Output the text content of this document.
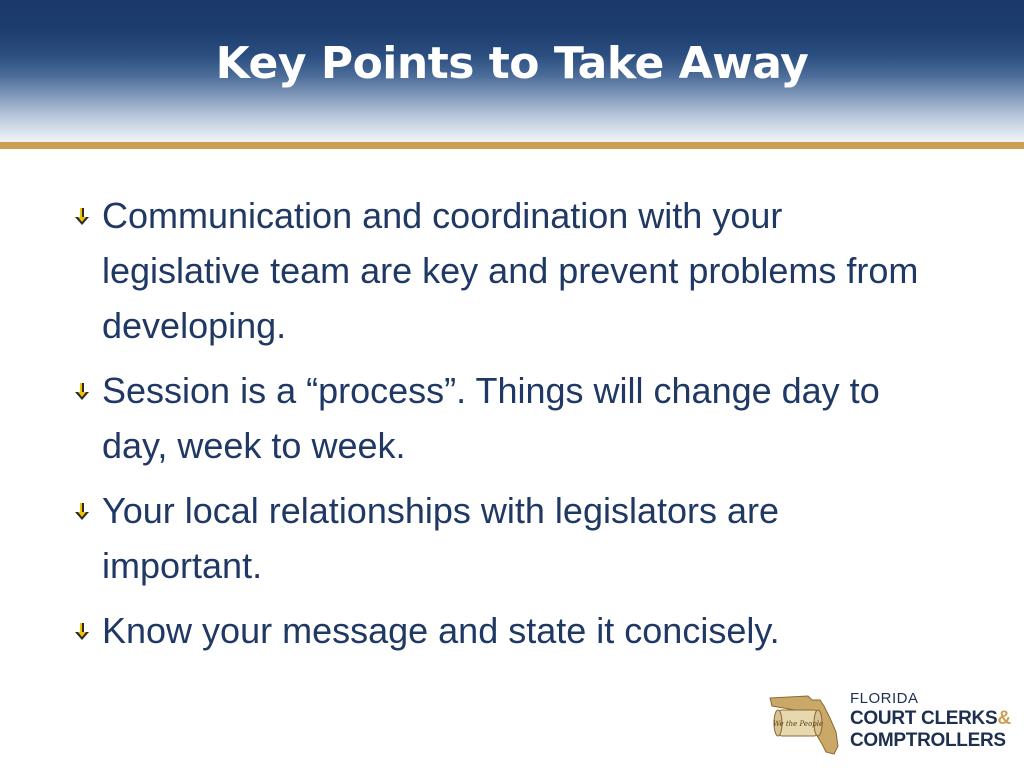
Key Points to Take Away
Communication and coordination with your legislative team are key and prevent problems from developing.
Session is a “process”. Things will change day to day, week to week.
Your local relationships with legislators are important.
Know your message and state it concisely.
We the People
FLORIDA
COURT CLERKS&
COMPTROLLERS
